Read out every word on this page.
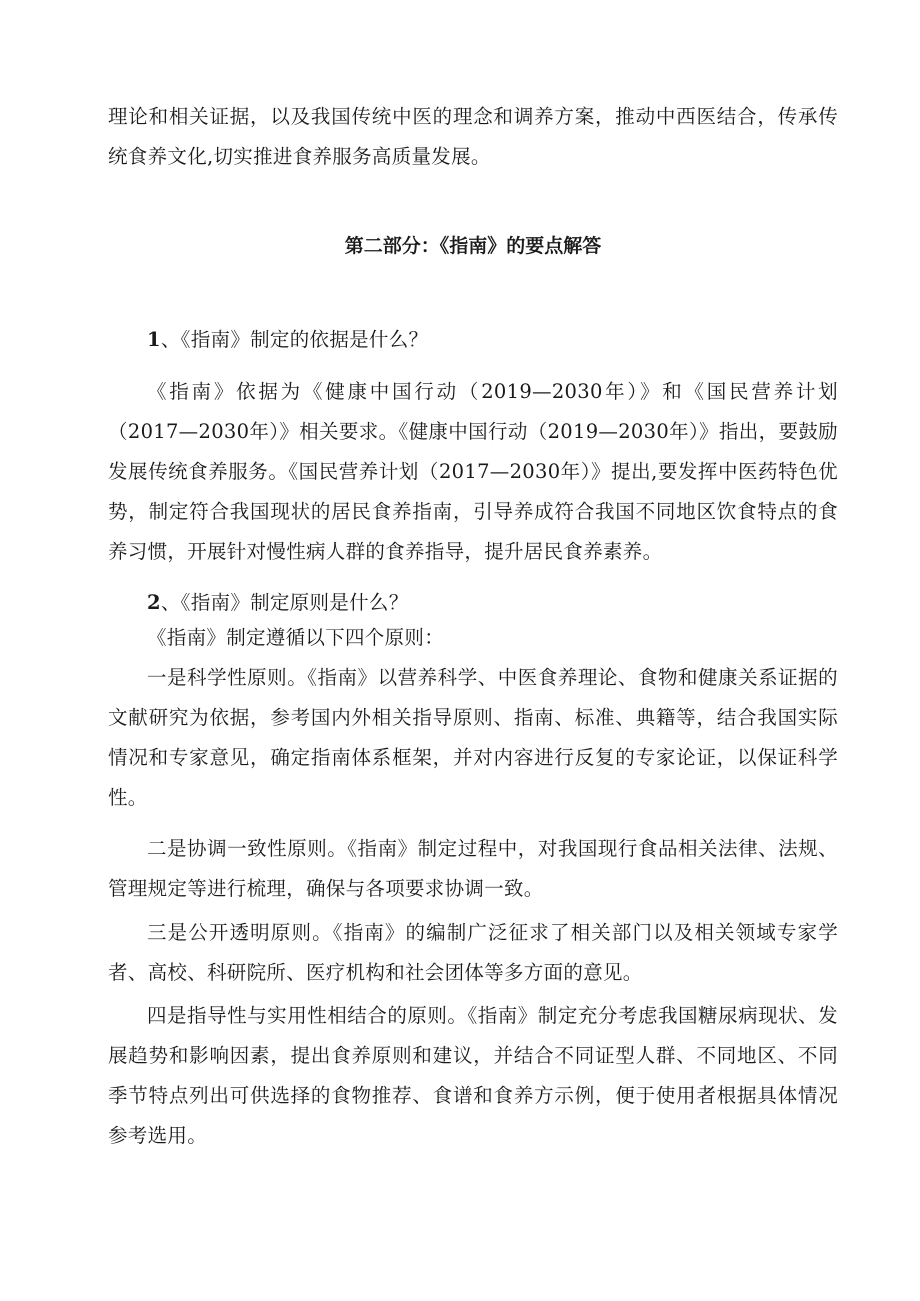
理论和相关证据，以及我国传统中医的理念和调养方案，推动中西医结合，传承传统食养文化,切实推进食养服务高质量发展。

第二部分：《指南》的要点解答

1、《指南》制定的依据是什么？

《指南》依据为《健康中国行动（2019—2030年）》和《国民营养计划（2017—2030年）》相关要求。《健康中国行动（2019—2030年）》指出，要鼓励发展传统食养服务。《国民营养计划（2017—2030年）》提出,要发挥中医药特色优势，制定符合我国现状的居民食养指南，引导养成符合我国不同地区饮食特点的食养习惯，开展针对慢性病人群的食养指导，提升居民食养素养。

2、《指南》制定原则是什么？

《指南》制定遵循以下四个原则：

一是科学性原则。《指南》以营养科学、中医食养理论、食物和健康关系证据的文献研究为依据，参考国内外相关指导原则、指南、标准、典籍等，结合我国实际情况和专家意见，确定指南体系框架，并对内容进行反复的专家论证，以保证科学性。

二是协调一致性原则。《指南》制定过程中，对我国现行食品相关法律、法规、管理规定等进行梳理，确保与各项要求协调一致。

三是公开透明原则。《指南》的编制广泛征求了相关部门以及相关领域专家学者、高校、科研院所、医疗机构和社会团体等多方面的意见。

四是指导性与实用性相结合的原则。《指南》制定充分考虑我国糖尿病现状、发展趋势和影响因素，提出食养原则和建议，并结合不同证型人群、不同地区、不同季节特点列出可供选择的食物推荐、食谱和食养方示例，便于使用者根据具体情况参考选用。
